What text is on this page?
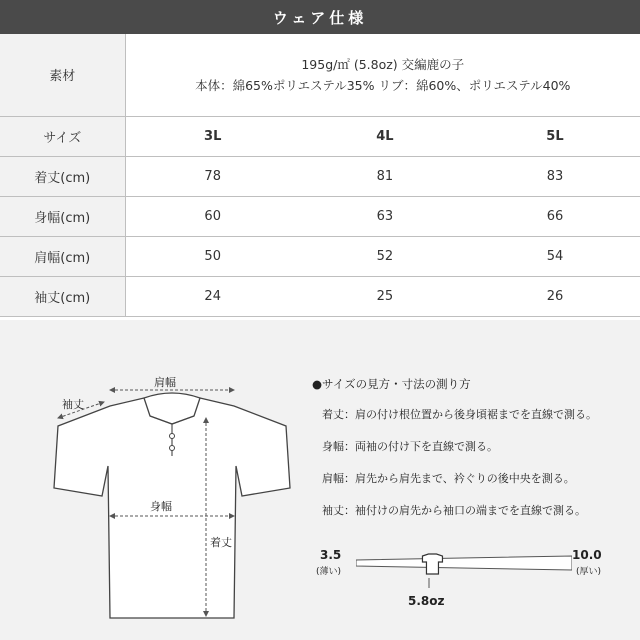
ウェア仕様
素材	195g/㎡ (5.8oz) 交編鹿の子
本体：綿65%ポリエステル35% リブ：綿60%、ポリエステル40%		

サイズ	3L	4L	5L
着丈(cm)	78	81	83
身幅(cm)	60	63	66
肩幅(cm)	50	52	54
袖丈(cm)	24	25	26
袖丈
肩幅
身幅
着丈
●サイズの見方・寸法の測り方
着丈：肩の付け根位置から後身頃裾までを直線で測る。
身幅：両袖の付け下を直線で測る。
肩幅：肩先から肩先まで、衿ぐりの後中央を測る。
袖丈：袖付けの肩先から袖口の端までを直線で測る。
3.5
(薄い)
10.0
(厚い)
5.8oz
